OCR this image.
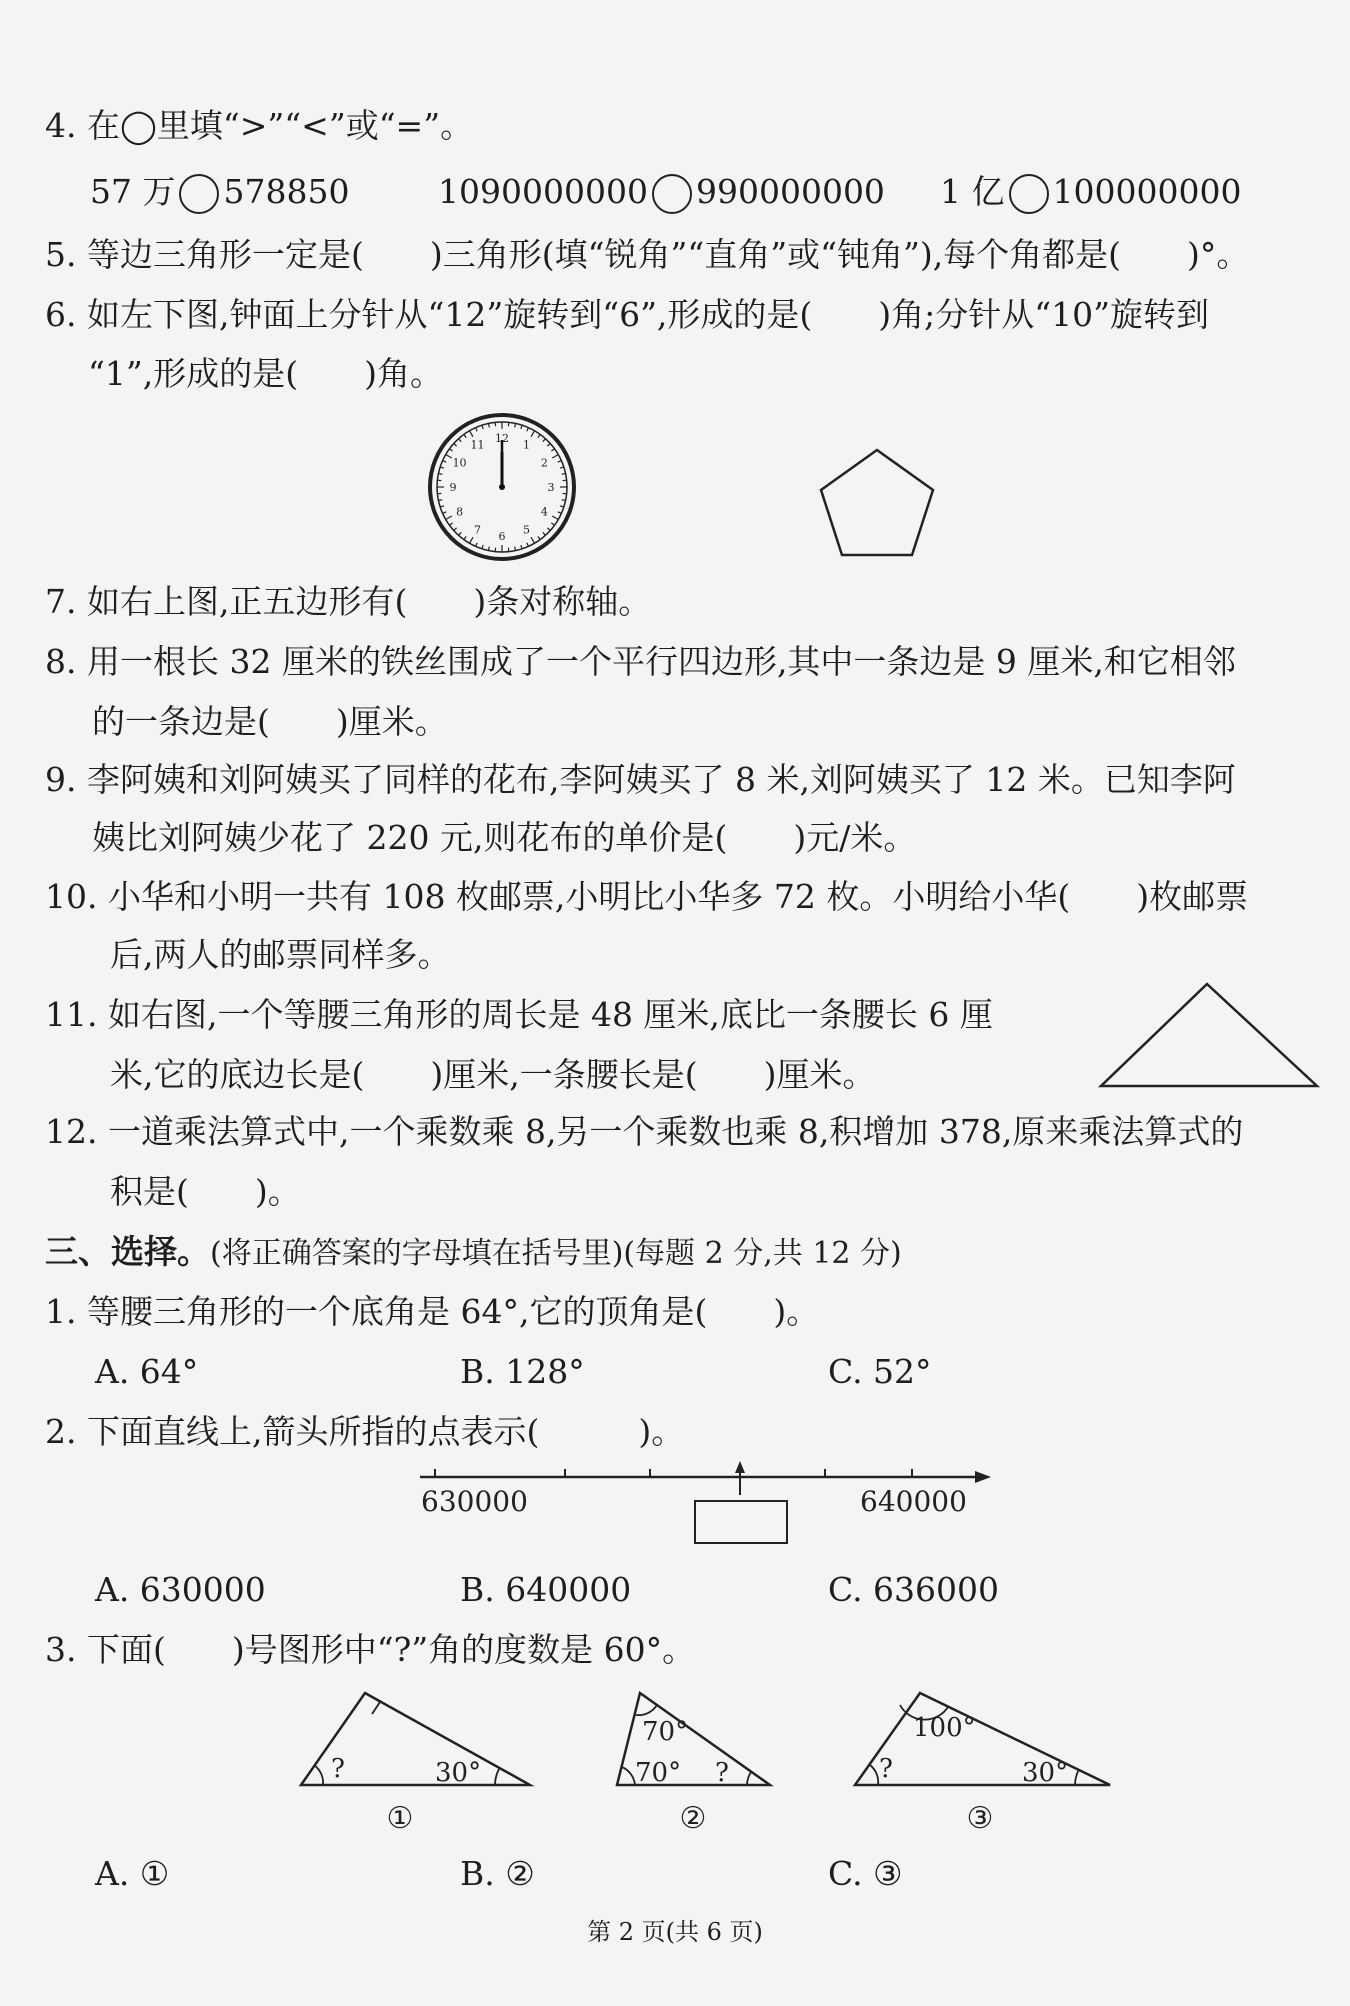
4. 在◯里填“>”“<”或“=”。
57 万 578850	1090000000 990000000 1 亿 100000000
5. 等边三角形一定是(　　)三角形(填“锐角”“直角”或“钝角”),每个角都是(　　)°。
6. 如左下图,钟面上分针从“12”旋转到“6”,形成的是(　　)角;分针从“10”旋转到
“1”,形成的是(　　)角。
12
1
2
3
4
5
6
7
8
9
10
11
7. 如右上图,正五边形有(　　)条对称轴。
8. 用一根长 32 厘米的铁丝围成了一个平行四边形,其中一条边是 9 厘米,和它相邻
的一条边是(　　)厘米。
9. 李阿姨和刘阿姨买了同样的花布,李阿姨买了 8 米,刘阿姨买了 12 米。已知李阿
姨比刘阿姨少花了 220 元,则花布的单价是(　　)元/米。
10. 小华和小明一共有 108 枚邮票,小明比小华多 72 枚。小明给小华(　　)枚邮票
后,两人的邮票同样多。
11. 如右图,一个等腰三角形的周长是 48 厘米,底比一条腰长 6 厘
米,它的底边长是(　　)厘米,一条腰长是(　　)厘米。
12. 一道乘法算式中,一个乘数乘 8,另一个乘数也乘 8,积增加 378,原来乘法算式的
积是(　　)。
三、选择。(将正确答案的字母填在括号里)(每题 2 分,共 12 分)
1. 等腰三角形的一个底角是 64°,它的顶角是(　　)。
A. 64°	B. 128°	C. 52°
2. 下面直线上,箭头所指的点表示(　　　)。
630000	640000
A. 630000	B. 640000	C. 636000
3. 下面(　　)号图形中“?”角的度数是 60°。
?	30°
①
70°
70° ?
②
100°
?	30°
③
A. ①	B. ②	C. ③
第 2 页(共 6 页)
